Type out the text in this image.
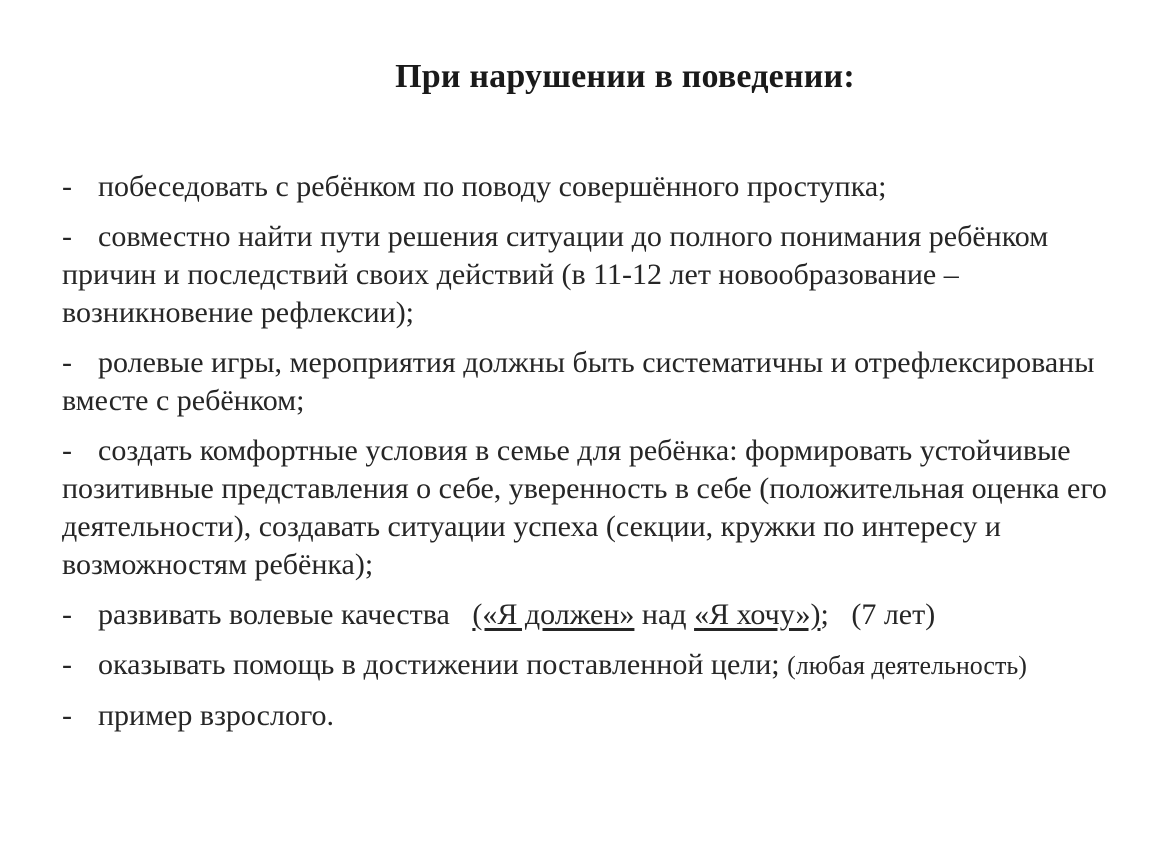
При нарушении в поведении:
- побеседовать с ребёнком по поводу совершённого проступка;
- совместно найти пути решения ситуации до полного понимания ребёнком причин и последствий своих действий (в 11-12 лет новообразование – возникновение рефлексии);
- ролевые игры, мероприятия должны быть систематичны и отрефлексированы вместе с ребёнком;
- создать комфортные условия в семье для ребёнка: формировать устойчивые позитивные представления о себе, уверенность в себе (положительная оценка его деятельности), создавать ситуации успеха (секции, кружки по интересу и возможностям ребёнка);
- развивать волевые качества («Я должен» над «Я хочу»); (7 лет)
- оказывать помощь в достижении поставленной цели; (любая деятельность)
- пример взрослого.
